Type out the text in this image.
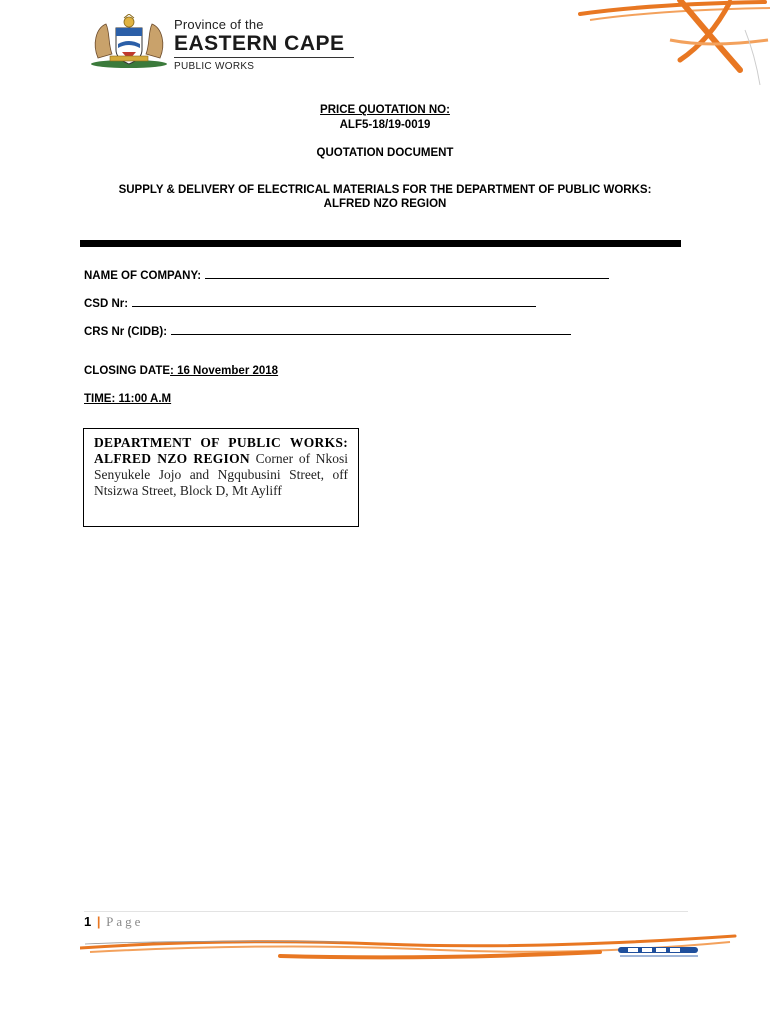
Province of the
EASTERN CAPE
PUBLIC WORKS
PRICE QUOTATION NO:
ALF5-18/19-0019
QUOTATION DOCUMENT
SUPPLY & DELIVERY OF ELECTRICAL MATERIALS FOR THE DEPARTMENT OF PUBLIC WORKS: ALFRED NZO REGION
NAME OF COMPANY:
CSD Nr:
CRS Nr (CIDB):
CLOSING DATE: 16 November 2018
TIME: 11:00 A.M
DEPARTMENT OF PUBLIC WORKS: ALFRED NZO REGION Corner of Nkosi Senyukele Jojo and Ngqubusini Street, off Ntsizwa Street, Block D, Mt Ayliff
1 | Page
